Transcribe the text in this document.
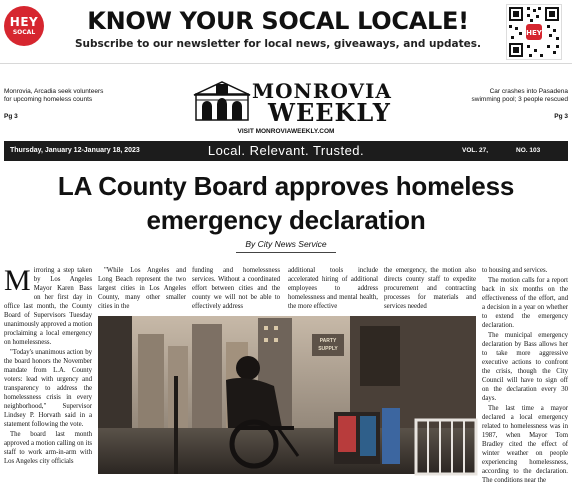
HEY
SOCAL	KNOW YOUR SOCAL LOCALE!
Subscribe to our newsletter for local news, giveaways, and updates.
HEY
Monrovia, Arcadia seek volunteers for upcoming homeless counts
Pg 3
MONROVIA
WEEKLY
VISIT MONROVIAWEEKLY.COM
Car crashes into Pasadena swimming pool; 3 people rescued
Pg 3
Thursday, January 12-January 18, 2023	Local. Relevant. Trusted.	VOL. 27,	NO. 103
LA County Board approves homeless emergency declaration
By City News Service

Mirroring a step taken by Los Angeles Mayor Karen Bass on her first day in office last month, the County Board of Supervisors Tuesday unanimously approved a motion proclaiming a local emergency on homelessness.

"Today's unanimous action by the board honors the November mandate from L.A. County voters: lead with urgency and transparency to address the homelessness crisis in every neighborhood," Supervisor Lindsey P. Horvath said in a statement following the vote.

The board last month approved a motion calling on its staff to work arm-in-arm with Los Angeles city officials

"While Los Angeles and Long Beach represent the two largest cities in Los Angeles County, many other smaller cities in the

funding and homelessness services. Without a coordinated effort between cities and the county we will not be able to effectively address

additional tools include accelerated hiring of additional employees to address homelessness and mental health, the more effective

the emergency, the motion also directs county staff to expedite procurement and contracting processes for materials and services needed

to housing and services.

The motion calls for a report back in six months on the effectiveness of the effort, and a decision in a year on whether to extend the emergency declaration.

The municipal emergency declaration by Bass allows her to take more aggressive executive actions to confront the crisis, though the City Council will have to sign off on the declaration every 30 days.

The last time a mayor declared a local emergency related to homelessness was in 1987, when Mayor Tom Bradley cited the effect of winter weather on people experiencing homelessness, according to the declaration. The conditions near the

PARTY
SUPPLY
